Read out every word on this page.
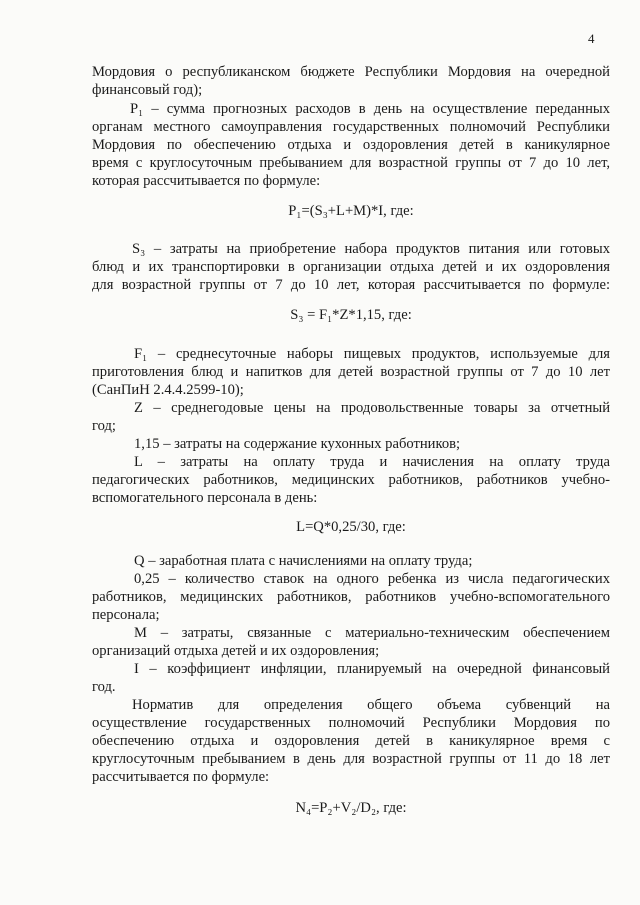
4
Мордовия о республиканском бюджете Республики Мордовия на очередной
финансовый год);
P₁ – сумма прогнозных расходов в день на осуществление переданных
органам местного самоуправления государственных полномочий Республики
Мордовия по обеспечению отдыха и оздоровления детей в каникулярное
время с круглосуточным пребыванием для возрастной группы от 7 до 10 лет,
которая рассчитывается по формуле:
P₁=(S₃+L+M)*I, где:
S₃ – затраты на приобретение набора продуктов питания или готовых
блюд и их транспортировки в организации отдыха детей и их оздоровления
для возрастной группы от 7 до 10 лет, которая рассчитывается по формуле:
S₃ = F₁*Z*1,15, где:
F₁ – среднесуточные наборы пищевых продуктов, используемые для
приготовления блюд и напитков для детей возрастной группы от 7 до 10 лет
(СанПиН 2.4.4.2599-10);
Z – среднегодовые цены на продовольственные товары за отчетный
год;
1,15 – затраты на содержание кухонных работников;
L – затраты на оплату труда и начисления на оплату труда
педагогических работников, медицинских работников, работников учебно-
вспомогательного персонала в день:
L=Q*0,25/30, где:
Q – заработная плата с начислениями на оплату труда;
0,25 – количество ставок на одного ребенка из числа педагогических
работников, медицинских работников, работников учебно-вспомогательного
персонала;
M – затраты, связанные с материально-техническим обеспечением
организаций отдыха детей и их оздоровления;
I – коэффициент инфляции, планируемый на очередной финансовый
год.
Норматив для определения общего объема субвенций на
осуществление государственных полномочий Республики Мордовия по
обеспечению отдыха и оздоровления детей в каникулярное время с
круглосуточным пребыванием в день для возрастной группы от 11 до 18 лет
рассчитывается по формуле:
N₄=P₂+V₂/D₂, где:
